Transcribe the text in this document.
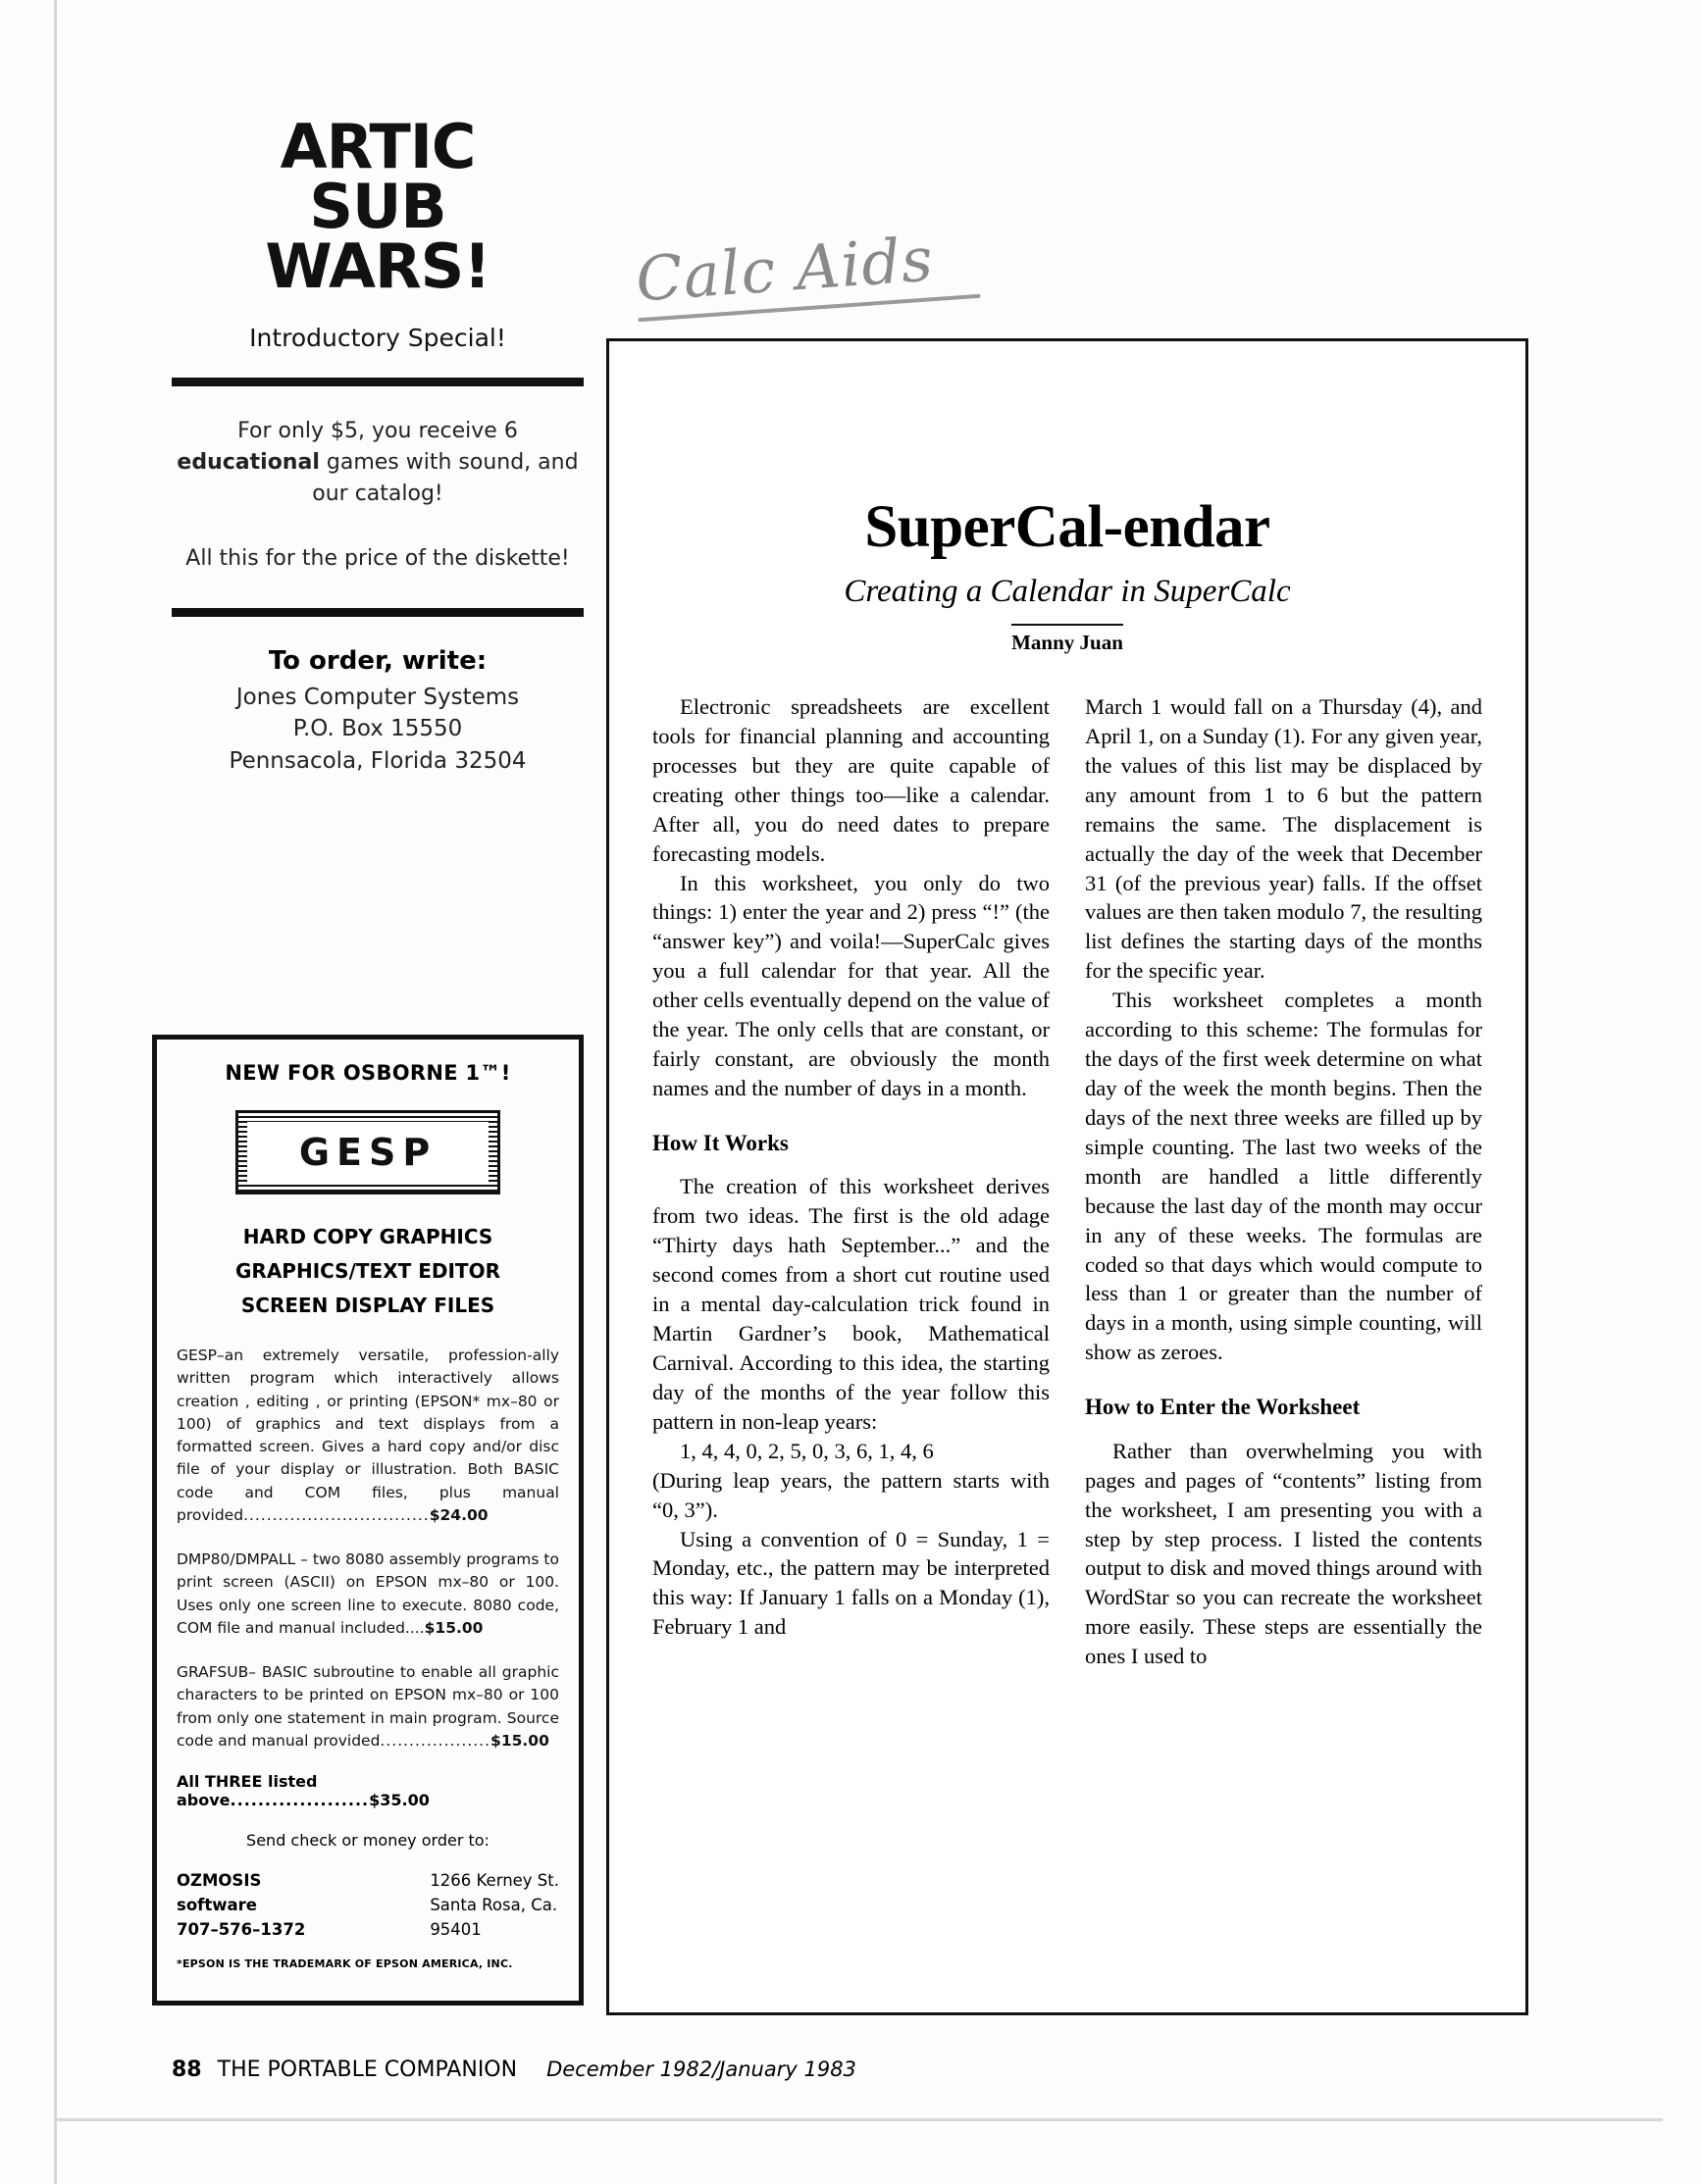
ARTIC
SUB
WARS!
Introductory Special!
For only $5, you receive 6 educational games with sound, and our catalog!
All this for the price of the diskette!
To order, write:
Jones Computer Systems
P.O. Box 15550
Pennsacola, Florida 32504
NEW FOR OSBORNE 1™!
GESP
HARD COPY GRAPHICS
GRAPHICS/TEXT EDITOR
SCREEN DISPLAY FILES
GESP–an extremely versatile, profession-ally written program which interactively allows creation , editing , or printing (EPSON* mx–80 or 100) of graphics and text displays from a formatted screen. Gives a hard copy and/or disc file of your display or illustration. Both BASIC code and COM files, plus manual provided................................$24.00
DMP80/DMPALL – two 8080 assembly programs to print screen (ASCII) on EPSON mx–80 or 100. Uses only one screen line to execute. 8080 code, COM file and manual included....$15.00
GRAFSUB– BASIC subroutine to enable all graphic characters to be printed on EPSON mx–80 or 100 from only one statement in main program. Source code and manual provided...................$15.00
All THREE listed above....................$35.00
Send check or money order to:
OZMOSIS
software
707–576–1372
1266 Kerney St.
Santa Rosa, Ca.
95401
*EPSON IS THE TRADEMARK OF EPSON AMERICA, INC.
Calc Aids
SuperCal-endar
Creating a Calendar in SuperCalc
Manny Juan

Electronic spreadsheets are excellent tools for financial planning and accounting processes but they are quite capable of creating other things too—like a calendar. After all, you do need dates to prepare forecasting models.

In this worksheet, you only do two things: 1) enter the year and 2) press “!” (the “answer key”) and voila!—SuperCalc gives you a full calendar for that year. All the other cells eventually depend on the value of the year. The only cells that are constant, or fairly constant, are obviously the month names and the number of days in a month.

How It Works

The creation of this worksheet derives from two ideas. The first is the old adage “Thirty days hath September...” and the second comes from a short cut routine used in a mental day-calculation trick found in Martin Gardner’s book, Mathematical Carnival. According to this idea, the starting day of the months of the year follow this pattern in non-leap years:

1, 4, 4, 0, 2, 5, 0, 3, 6, 1, 4, 6

(During leap years, the pattern starts with “0, 3”).

Using a convention of 0 = Sunday, 1 = Monday, etc., the pattern may be interpreted this way: If January 1 falls on a Monday (1), February 1 and

March 1 would fall on a Thursday (4), and April 1, on a Sunday (1). For any given year, the values of this list may be displaced by any amount from 1 to 6 but the pattern remains the same. The displacement is actually the day of the week that December 31 (of the previous year) falls. If the offset values are then taken modulo 7, the resulting list defines the starting days of the months for the specific year.

This worksheet completes a month according to this scheme: The formulas for the days of the first week determine on what day of the week the month begins. Then the days of the next three weeks are filled up by simple counting. The last two weeks of the month are handled a little differently because the last day of the month may occur in any of these weeks. The formulas are coded so that days which would compute to less than 1 or greater than the number of days in a month, using simple counting, will show as zeroes.

How to Enter the Worksheet

Rather than overwhelming you with pages and pages of “contents” listing from the worksheet, I am presenting you with a step by step process. I listed the contents output to disk and moved things around with WordStar so you can recreate the worksheet more easily. These steps are essentially the ones I used to

88 THE PORTABLE COMPANION December 1982/January 1983
